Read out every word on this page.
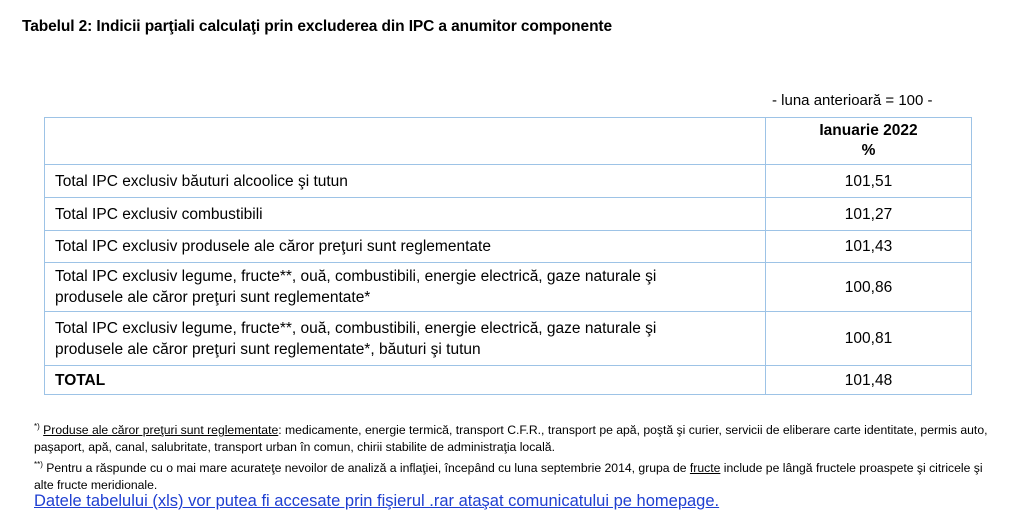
Tabelul 2: Indicii parţiali calculaţi prin excluderea din IPC a anumitor componente
- luna anterioară = 100 -

	Ianuarie 2022
%

Total IPC exclusiv băuturi alcoolice şi tutun	101,51
Total IPC exclusiv combustibili	101,27
Total IPC exclusiv produsele ale căror preţuri sunt reglementate	101,43

Total IPC exclusiv legume, fructe**, ouă, combustibili, energie electrică, gaze naturale şi
produsele ale căror preţuri sunt reglementate*	100,86

Total IPC exclusiv legume, fructe**, ouă, combustibili, energie electrică, gaze naturale şi
produsele ale căror preţuri sunt reglementate*, băuturi şi tutun	100,81
TOTAL	101,48
*) Produse ale căror preţuri sunt reglementate: medicamente, energie termică, transport C.F.R., transport pe apă, poştă şi curier, servicii de eliberare carte identitate, permis auto, paşaport, apă, canal, salubritate, transport urban în comun, chirii stabilite de administraţia locală.
**) Pentru a răspunde cu o mai mare acurateţe nevoilor de analiză a inflaţiei, începând cu luna septembrie 2014, grupa de fructe include pe lângă fructele proaspete şi citricele şi alte fructe meridionale.
Datele tabelului (xls) vor putea fi accesate prin fişierul .rar ataşat comunicatului pe homepage.
